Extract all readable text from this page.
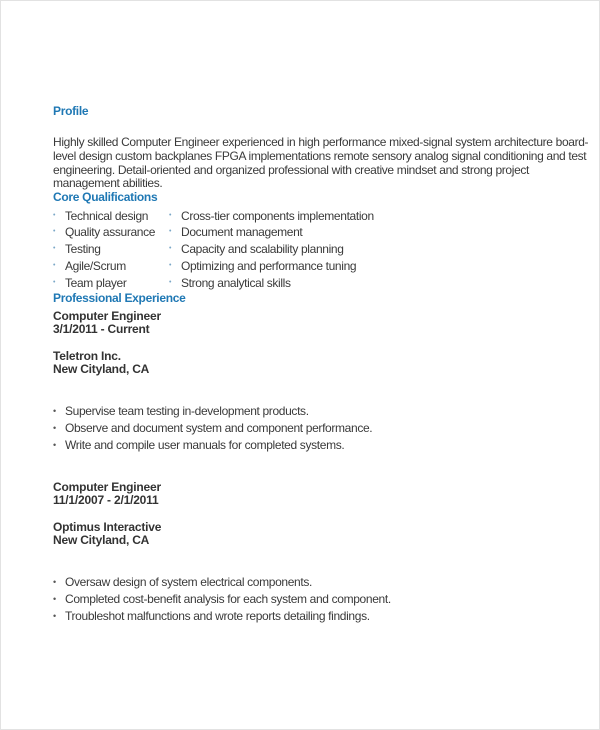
Profile
Highly skilled Computer Engineer experienced in high performance mixed-signal system architecture board-
level design custom backplanes FPGA implementations remote sensory analog signal conditioning and test
engineering. Detail-oriented and organized professional with creative mindset and strong project
management abilities.
Core Qualifications
Professional Experience
Computer Engineer
3/1/2011 - Current
Teletron Inc.
New Cityland, CA
Computer Engineer
11/1/2007 - 2/1/2011
Optimus Interactive
New Cityland, CA
• Technical design	• Cross-tier components implementation
• Quality assurance • Document management
• Testing	• Capacity and scalability planning
• Agile/Scrum	• Optimizing and performance tuning
• Team player	• Strong analytical skills
• Supervise team testing in-development products.
• Observe and document system and component performance.
• Write and compile user manuals for completed systems.
• Oversaw design of system electrical components.
• Completed cost-benefit analysis for each system and component.
• Troubleshot malfunctions and wrote reports detailing findings.
